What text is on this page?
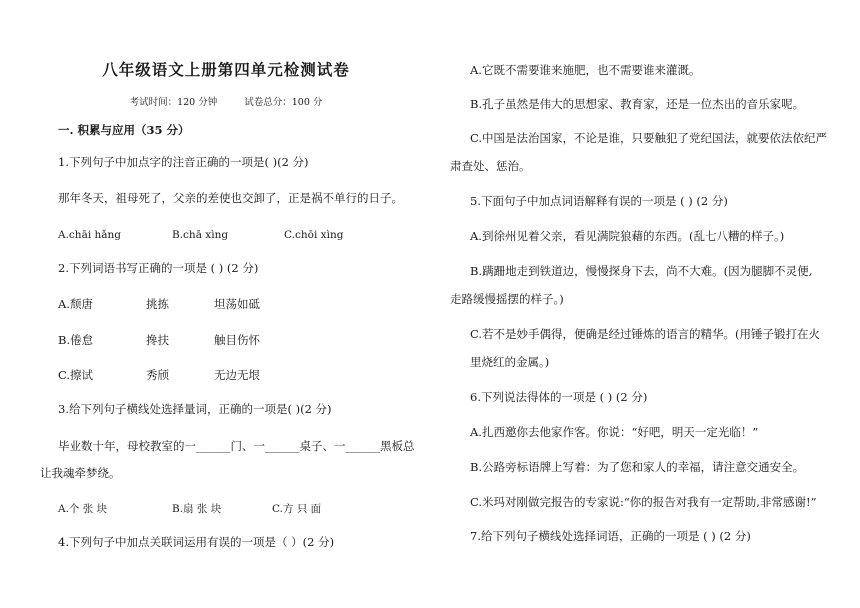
八年级语文上册第四单元检测试卷
考试时间：120 分钟	试卷总分：100 分
一. 积累与应用（35 分）
1.下列句子中加点字的注音正确的一项是( )(2 分)
那年冬天，祖母死了，父亲的差使也交卸了，正是祸不单行的日子。
A.chāi hǎng	B.chā xìng	C.chōi xìng
2.下列词语书写正确的一项是 ( ) (2 分)
A.颓唐	挑拣	坦荡如砥
B.倦怠	搀扶	触目伤怀
C.擦试	秀颀	无边无垠
3.给下列句子横线处选择量词，正确的一项是( )(2 分)
毕业数十年，母校教室的一______门、一______桌子、一______黑板总
让我魂牵梦绕。
A.个 张 块	B.扇 张 块	C.方 只 面
4.下列句子中加点关联词运用有误的一项是（ ）(2 分)
A.它既不需要谁来施肥，也不需要谁来灌溉。
B.孔子虽然是伟大的思想家、教育家，还是一位杰出的音乐家呢。
C.中国是法治国家，不论是谁，只要触犯了党纪国法，就要依法依纪严
肃查处、惩治。
5.下面句子中加点词语解释有误的一项是 ( ) (2 分)
A.到徐州见着父亲，看见满院狼藉的东西。(乱七八糟的样子。)
B.蹒跚地走到铁道边，慢慢探身下去，尚不大难。(因为腿脚不灵便,
走路缓慢摇摆的样子。)
C.若不是妙手偶得，便确是经过锤炼的语言的精华。(用锤子锻打在火
里烧红的金属。)
6.下列说法得体的一项是 ( ) (2 分)
A.扎西邀你去他家作客。你说：“好吧，明天一定光临！”
B.公路旁标语牌上写着：为了您和家人的幸福，请注意交通安全。
C.米玛对刚做完报告的专家说:“你的报告对我有一定帮助,非常感谢!”
7.给下列句子横线处选择词语，正确的一项是 ( ) (2 分)
